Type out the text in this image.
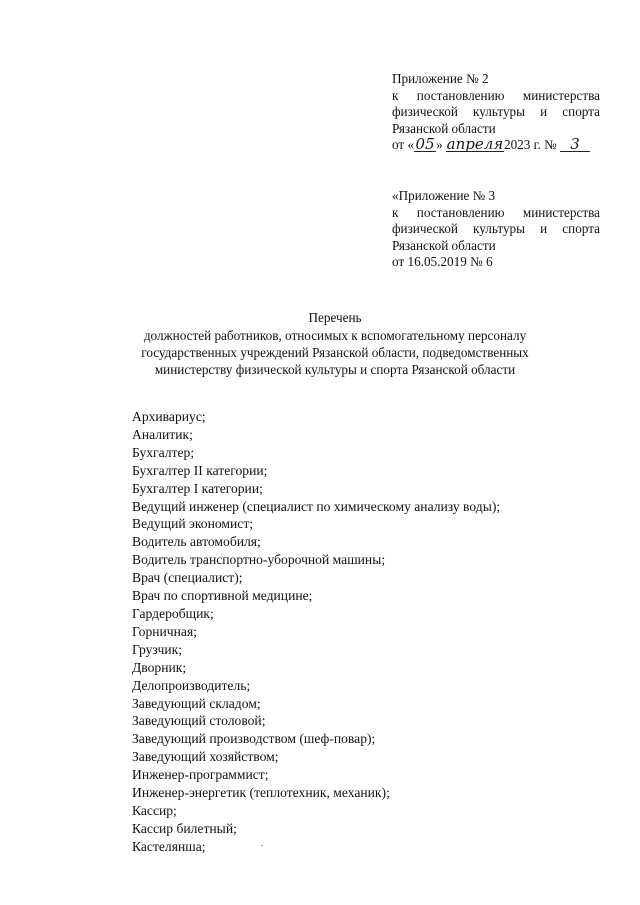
Приложение № 2
к постановлению министерства
физической культуры и спорта
Рязанской области
от «05» апреля2023 г. № 3
«Приложение № 3
к постановлению министерства
физической культуры и спорта
Рязанской области
от 16.05.2019 № 6
Перечень
должностей работников, относимых к вспомогательному персоналу
государственных учреждений Рязанской области, подведомственных
министерству физической культуры и спорта Рязанской области
Архивариус;
Аналитик;
Бухгалтер;
Бухгалтер II категории;
Бухгалтер I категории;
Ведущий инженер (специалист по химическому анализу воды);
Ведущий экономист;
Водитель автомобиля;
Водитель транспортно-уборочной машины;
Врач (специалист);
Врач по спортивной медицине;
Гардеробщик;
Горничная;
Грузчик;
Дворник;
Делопроизводитель;
Заведующий складом;
Заведующий столовой;
Заведующий производством (шеф-повар);
Заведующий хозяйством;
Инженер-программист;
Инженер-энергетик (теплотехник, механик);
Кассир;
Кассир билетный;
Кастелянша;
